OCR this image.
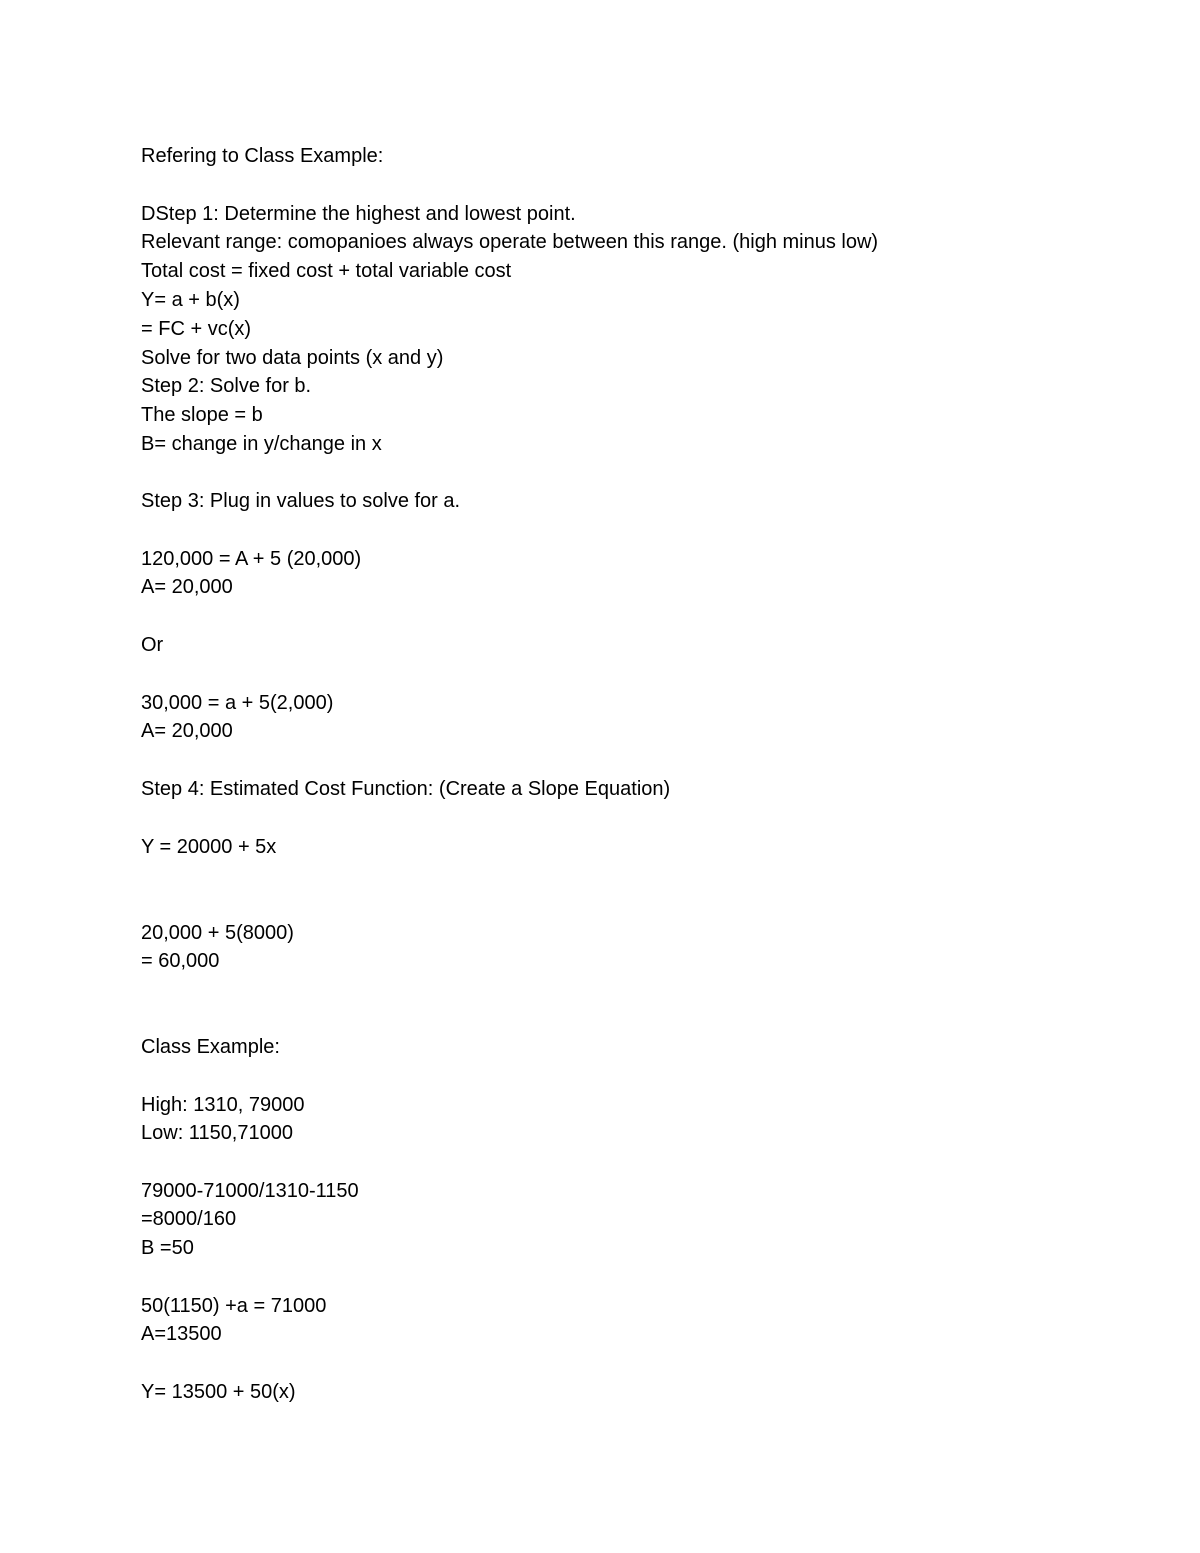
Refering to Class Example:

DStep 1: Determine the highest and lowest point.

Relevant range: comopanioes always operate between this range. (high minus low)

Total cost = fixed cost + total variable cost

Y= a + b(x)

= FC + vc(x)

Solve for two data points (x and y)

Step 2: Solve for b.

The slope = b

B= change in y/change in x

Step 3: Plug in values to solve for a.

120,000 = A + 5 (20,000)

A= 20,000

Or

30,000 = a + 5(2,000)

A= 20,000

Step 4: Estimated Cost Function: (Create a Slope Equation)

Y = 20000 + 5x

20,000 + 5(8000)

= 60,000

Class Example:

High: 1310, 79000

Low: 1150,71000

79000-71000/1310-1150

=8000/160

B =50

50(1150) +a = 71000

A=13500

Y= 13500 + 50(x)
